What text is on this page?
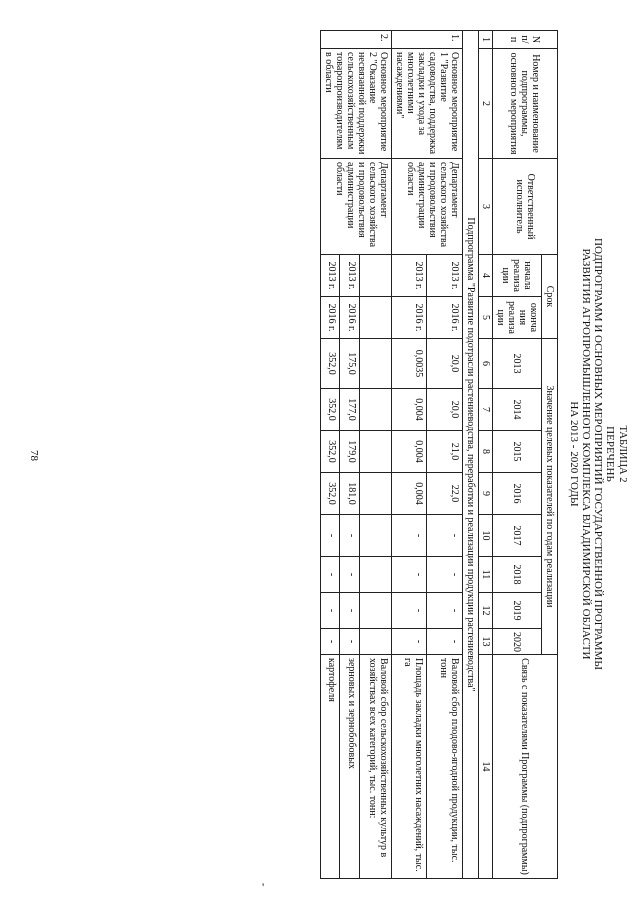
78
'
ТАБЛИЦА 2
ПЕРЕЧЕНЬ
ПОДПРОГРАММ И ОСНОВНЫХ МЕРОПРИЯТИЙ ГОСУДАРСТВЕННОЙ ПРОГРАММЫ
РАЗВИТИЯ АГРОПРОМЫШЛЕННОГО КОМПЛЕКСА ВЛАДИМИРСКОЙ ОБЛАСТИ
НА 2013 - 2020 ГОДЫ
N п/ п	Номер и наименование подпрограммы, основного мероприятия	Ответственный исполнитель	Срок		Значение целевых показателей по годам реализации								Связь с показателями Программы (подпрограммы)
			начала реализа ции	оконча ния реализа ции	2013	2014	2015	2016	2017	2018	2019	2020	
1	2	3	4	5	6	7	8	9	10	11	12	13	14
Подпрограмма "Развитие подотрасли растениеводства, переработки и реализации продукции растениеводства"													
1.	Основное мероприятие 1 "Развитие садоводства, поддержка закладки и ухода за многолетними насаждениями"	Департамент сельского хозяйства и продовольствия администрации области	2013 г.	2016 г.	20,0	20,0	21,0	22,0	-	-	-	-	Валовой сбор плодово-ягодной продукции, тыс. тонн
			2013 г.	2016 г.	0,0035	0,004	0,004	0,004	-	-	-	-	Площадь закладки многолетних насаждений, тыс. га
2.	Основное мероприятие 2 "Оказание несвязанной поддержки сельскохозяйственным товаропроизводителям в области	Департамент сельского хозяйства и продовольствия администрации области											Валовой сбор сельскохозяйственных культур в хозяйствах всех категорий, тыс. тонн:
			2013 г.	2016 г.	175,0	177,0	179,0	181,0	-	-	-	-	зерновых и зернобобовых
			2013 г.	2016 г.	352,0	352,0	352,0	352,0	-	-	-	-	картофеля
